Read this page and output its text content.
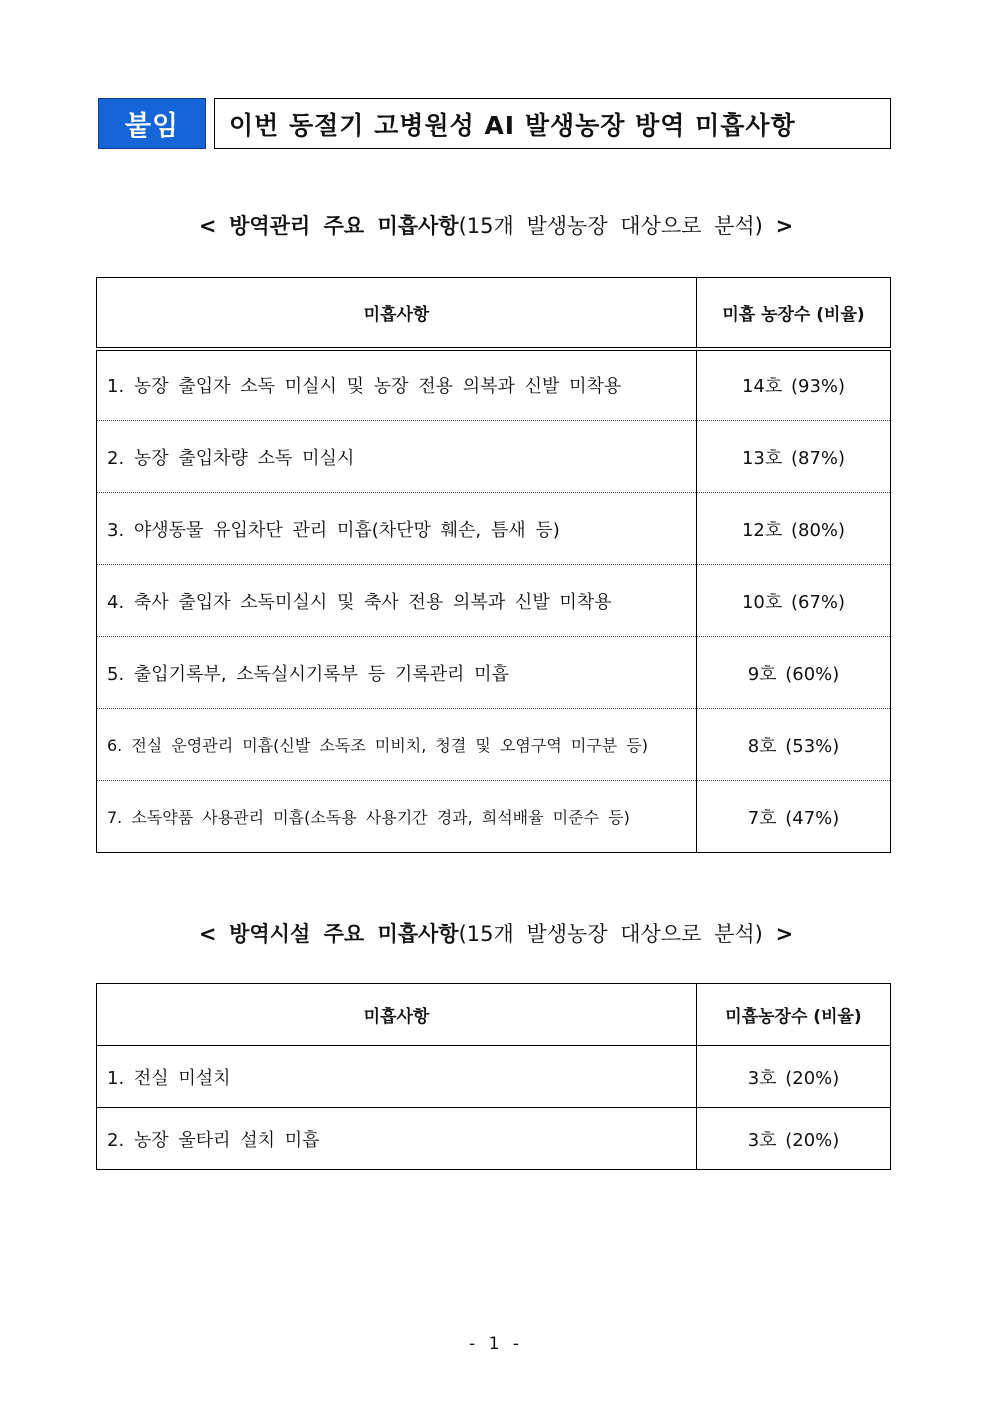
붙임	이번 동절기 고병원성 AI 발생농장 방역 미흡사항
< 방역관리 주요 미흡사항(15개 발생농장 대상으로 분석) >
미흡사항	미흡 농장수 (비율)
1. 농장 출입자 소독 미실시 및 농장 전용 의복과 신발 미착용	14호 (93%)
2. 농장 출입차량 소독 미실시	13호 (87%)
3. 야생동물 유입차단 관리 미흡(차단망 훼손, 틈새 등)	12호 (80%)
4. 축사 출입자 소독미실시 및 축사 전용 의복과 신발 미착용	10호 (67%)
5. 출입기록부, 소독실시기록부 등 기록관리 미흡	9호 (60%)
6. 전실 운영관리 미흡(신발 소독조 미비치, 청결 및 오염구역 미구분 등)	8호 (53%)
7. 소독약품 사용관리 미흡(소독용 사용기간 경과, 희석배율 미준수 등)	7호 (47%)
< 방역시설 주요 미흡사항(15개 발생농장 대상으로 분석) >
미흡사항	미흡농장수 (비율)
1. 전실 미설치	3호 (20%)
2. 농장 울타리 설치 미흡	3호 (20%)
- 1 -
